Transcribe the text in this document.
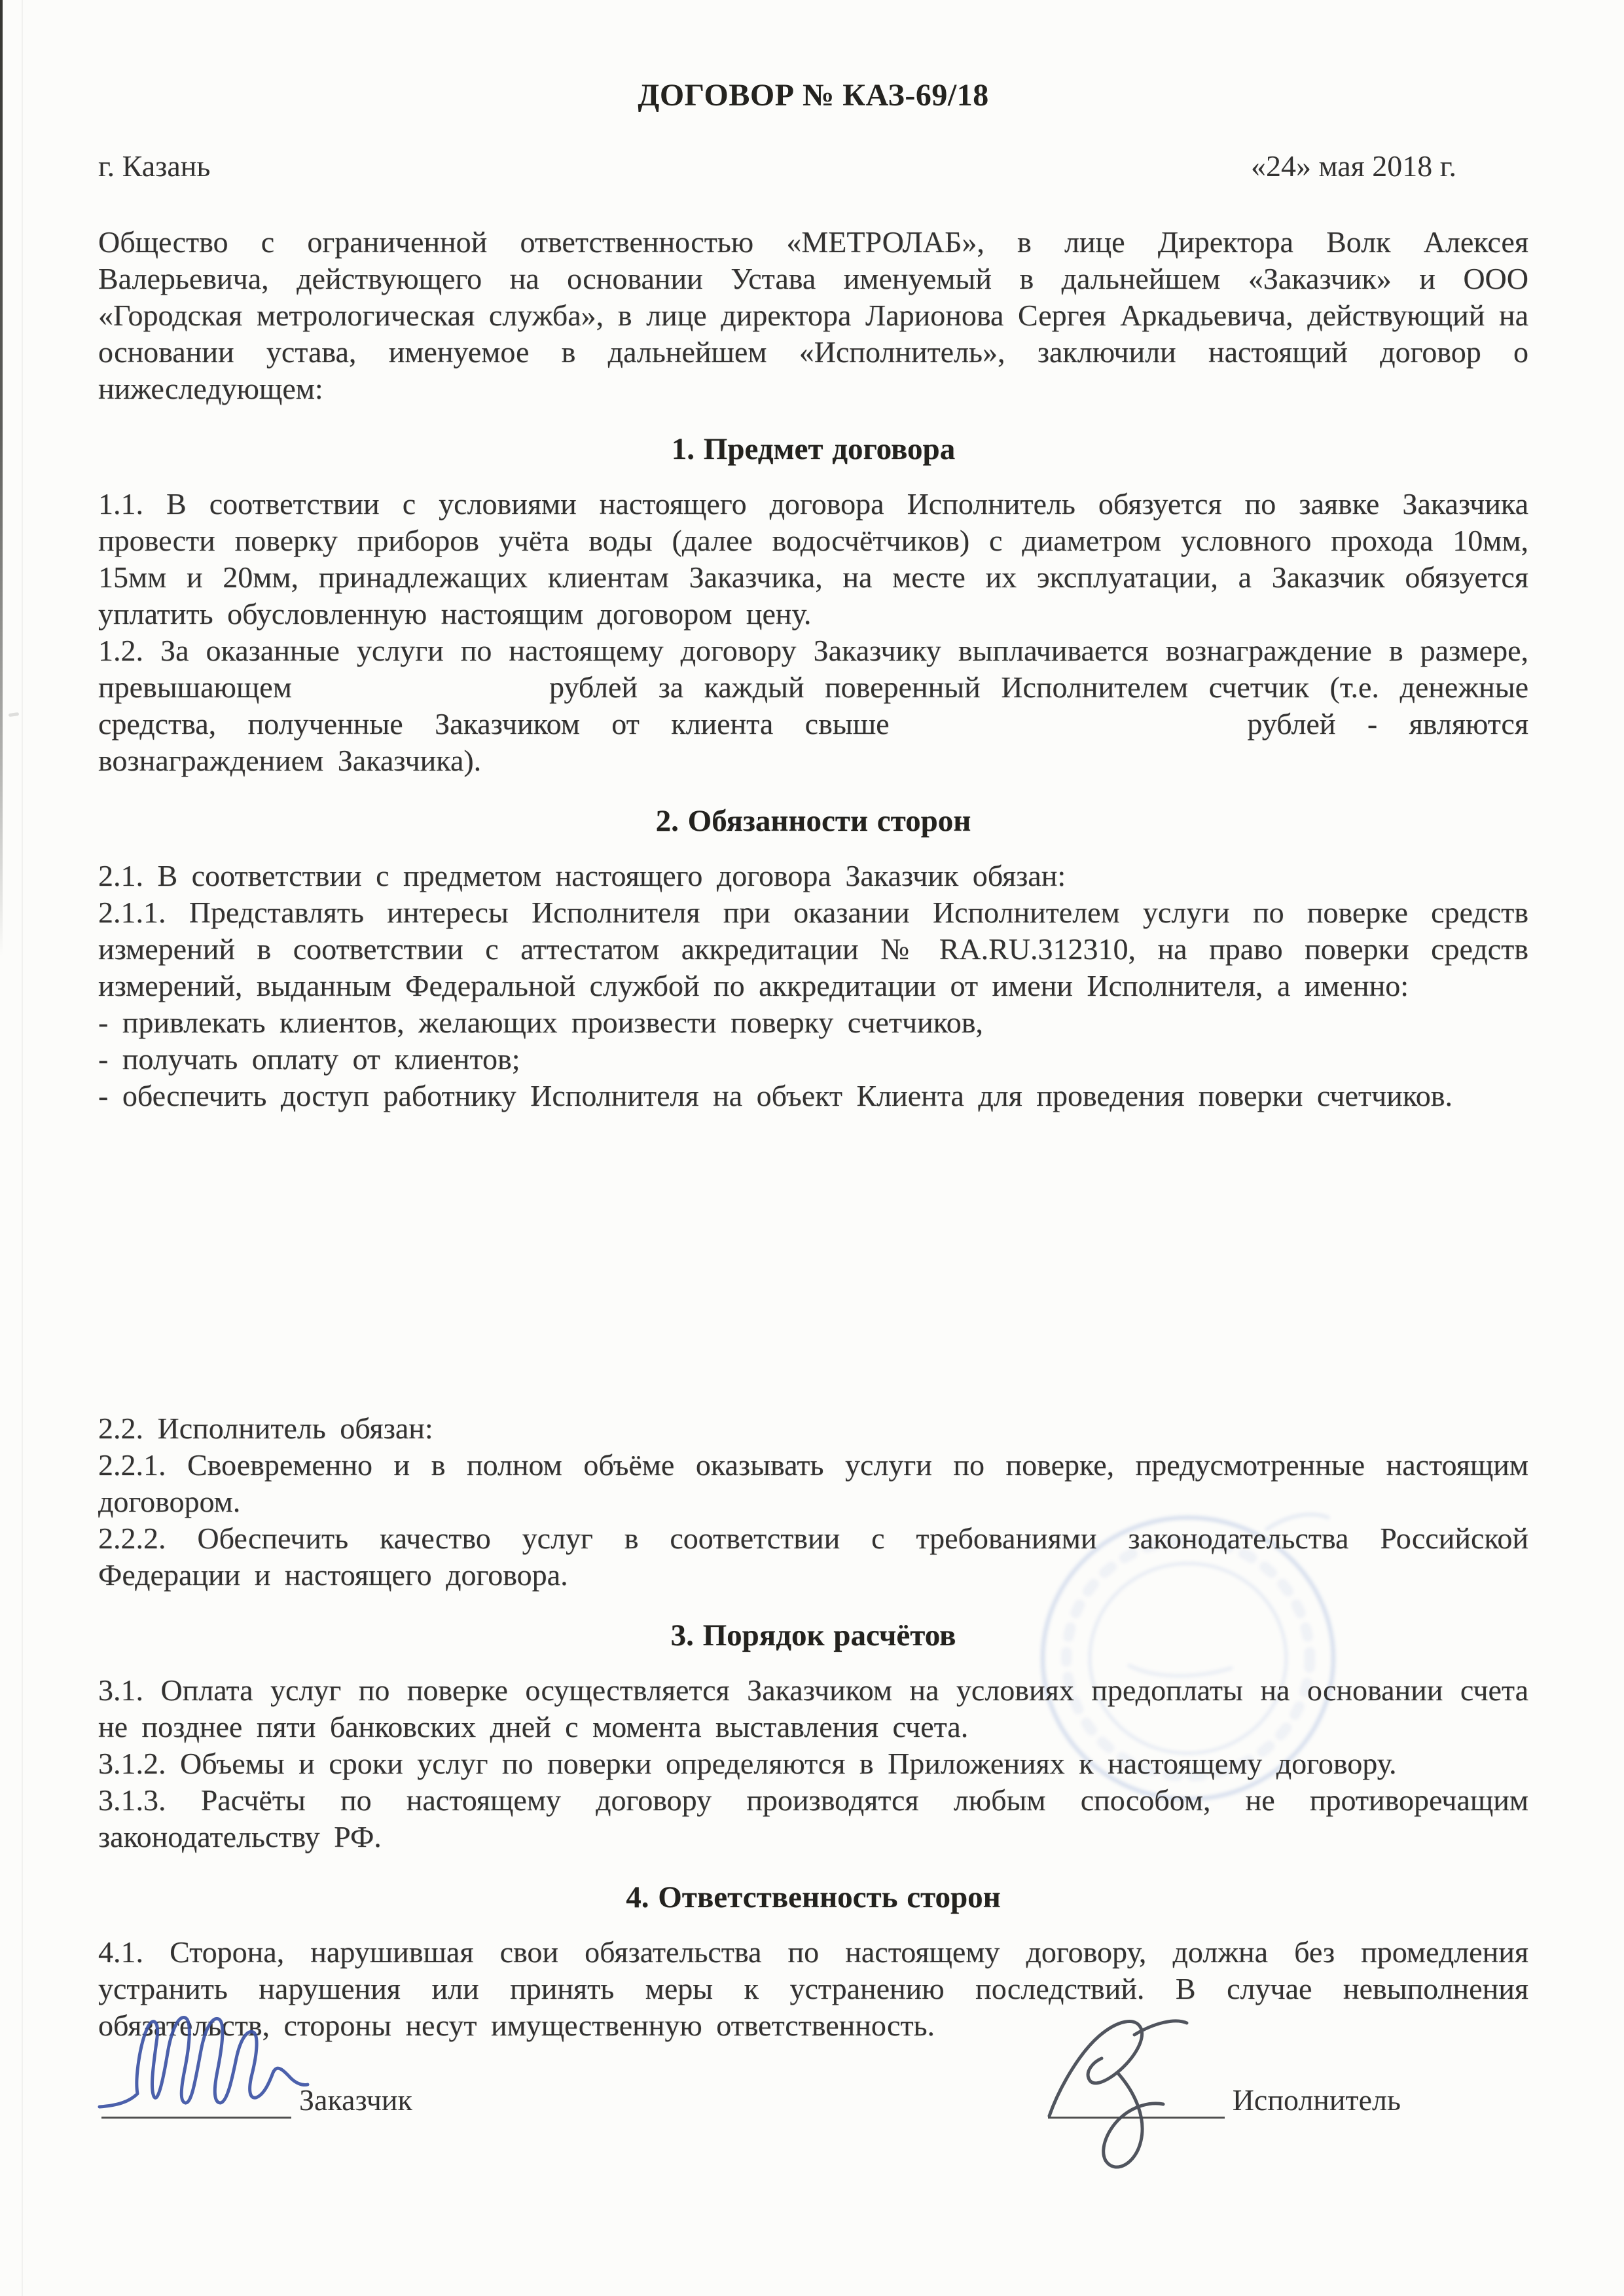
ДОГОВОР № КАЗ-69/18
г. Казань	«24» мая 2018 г.

Общество с ограниченной ответственностью «МЕТРОЛАБ», в лице Директора Волк Алексея Валерьевича, действующего на основании Устава именуемый в дальнейшем «Заказчик» и ООО «Городская метрологическая служба», в лице директора Ларионова Сергея Аркадьевича, действующий на основании устава, именуемое в дальнейшем «Исполнитель», заключили настоящий договор о нижеследующем:

1. Предмет договора

1.1. В соответствии с условиями настоящего договора Исполнитель обязуется по заявке Заказчика провести поверку приборов учёта воды (далее водосчётчиков) с диаметром условного прохода 10мм, 15мм и 20мм, принадлежащих клиентам Заказчика, на месте их эксплуатации, а Заказчик обязуется уплатить обусловленную настоящим договором цену.

1.2. За оказанные услуги по настоящему договору Заказчику выплачивается вознаграждение в размере, превышающем	рублей за каждый поверенный Исполнителем счетчик (т.е. денежные средства, полученные Заказчиком от клиента свыше	рублей - являются вознаграждением Заказчика).

2. Обязанности сторон

2.1. В соответствии с предметом настоящего договора Заказчик обязан:

2.1.1. Представлять интересы Исполнителя при оказании Исполнителем услуги по поверке средств измерений в соответствии с аттестатом аккредитации № RA.RU.312310, на право поверки средств измерений, выданным Федеральной службой по аккредитации от имени Исполнителя, а именно:

- привлекать клиентов, желающих произвести поверку счетчиков,

- получать оплату от клиентов;

- обеспечить доступ работнику Исполнителя на объект Клиента для проведения поверки счетчиков.

2.2. Исполнитель обязан:

2.2.1. Своевременно и в полном объёме оказывать услуги по поверке, предусмотренные настоящим договором.

2.2.2. Обеспечить качество услуг в соответствии с требованиями законодательства Российской Федерации и настоящего договора.

3. Порядок расчётов

3.1. Оплата услуг по поверке осуществляется Заказчиком на условиях предоплаты на основании счета не позднее пяти банковских дней с момента выставления счета.

3.1.2. Объемы и сроки услуг по поверки определяются в Приложениях к настоящему договору.

3.1.3. Расчёты по настоящему договору производятся любым способом, не противоречащим законодательству РФ.

4. Ответственность сторон

4.1. Сторона, нарушившая свои обязательства по настоящему договору, должна без промедления устранить нарушения или принять меры к устранению последствий. В случае невыполнения обязательств, стороны несут имущественную ответственность.

Заказчик	Исполнитель
